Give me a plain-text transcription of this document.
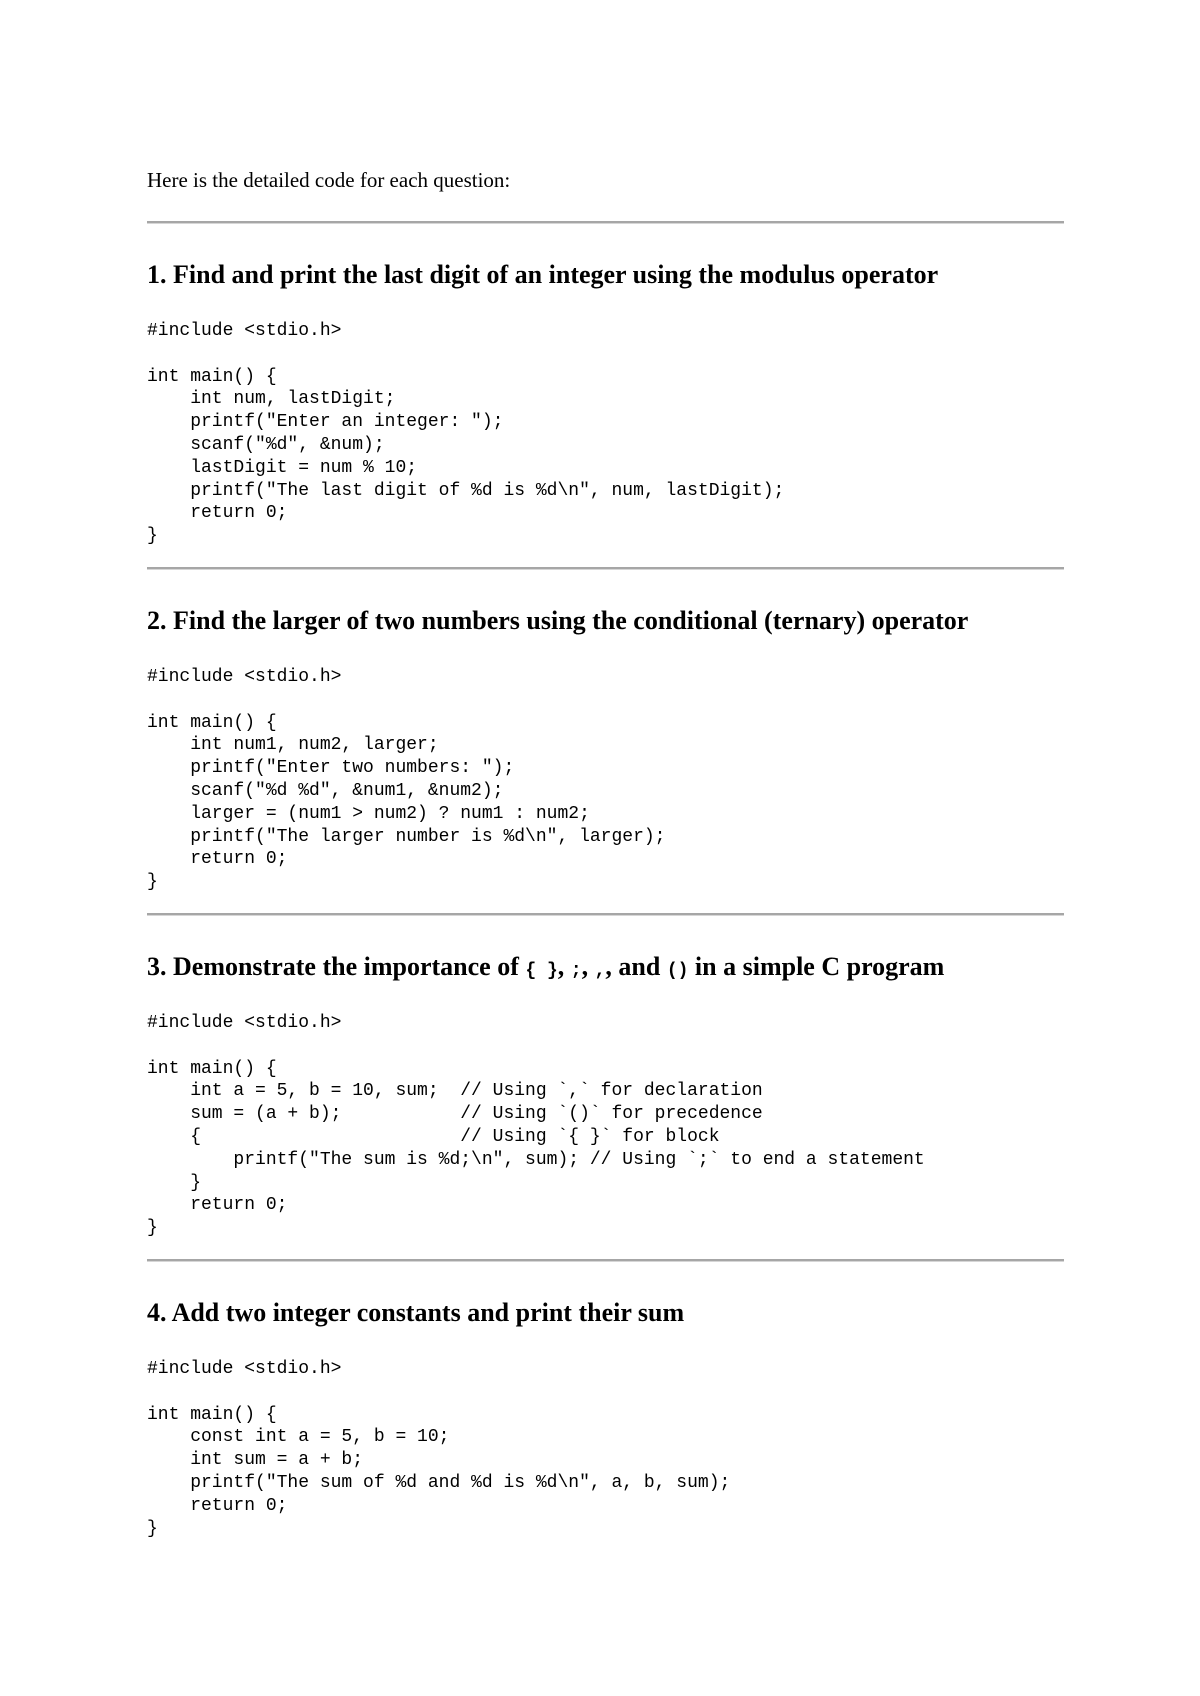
Here is the detailed code for each question:

1. Find and print the last digit of an integer using the modulus operator
#include <stdio.h>

int main() {
int num, lastDigit;
printf("Enter an integer: ");
scanf("%d", &num);
lastDigit = num % 10;
printf("The last digit of %d is %d\n", num, lastDigit);
return 0;
}
2. Find the larger of two numbers using the conditional (ternary) operator
#include <stdio.h>

int main() {
int num1, num2, larger;
printf("Enter two numbers: ");
scanf("%d %d", &num1, &num2);
larger = (num1 > num2) ? num1 : num2;
printf("The larger number is %d\n", larger);
return 0;
}
3. Demonstrate the importance of { }, ;, ,, and () in a simple C program
#include <stdio.h>

int main() {
int a = 5, b = 10, sum;  // Using `,` for declaration
sum = (a + b);           // Using `()` for precedence
{                        // Using `{ }` for block
printf("The sum is %d;\n", sum); // Using `;` to end a statement
}
return 0;
}
4. Add two integer constants and print their sum
#include <stdio.h>

int main() {
const int a = 5, b = 10;
int sum = a + b;
printf("The sum of %d and %d is %d\n", a, b, sum);
return 0;
}
